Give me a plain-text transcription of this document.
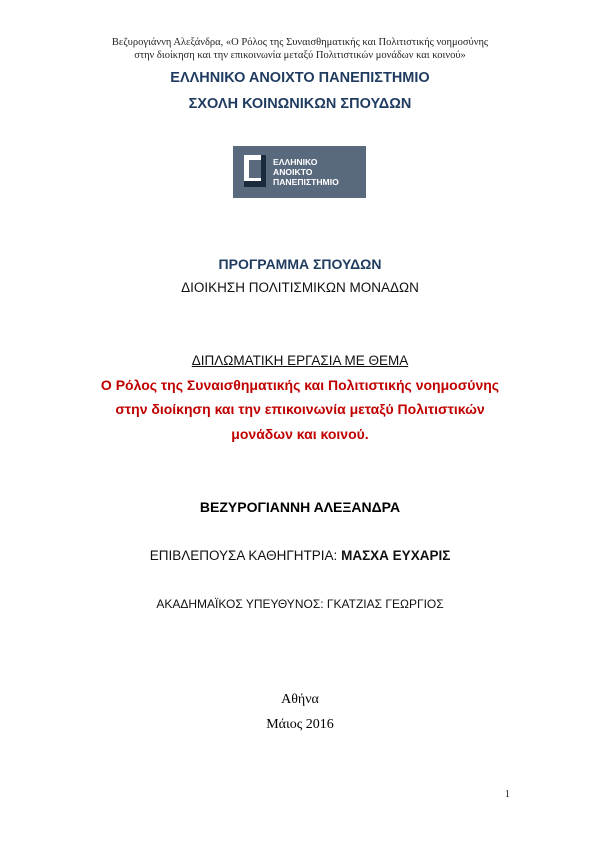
Βεζυρογιάννη Αλεξάνδρα, «Ο Ρόλος της Συναισθηματικής και Πολιτιστικής νοημοσύνης
στην διοίκηση και την επικοινωνία μεταξύ Πολιτιστικών μονάδων και κοινού»
ΕΛΛΗΝΙΚΟ ΑΝΟΙΧΤΟ ΠΑΝΕΠΙΣΤΗΜΙΟ
ΣΧΟΛΗ ΚΟΙΝΩΝΙΚΩΝ ΣΠΟΥΔΩΝ
ΕΛΛΗΝΙΚΟ
ΑΝΟΙΚΤΟ
ΠΑΝΕΠΙΣΤΗΜΙΟ
ΠΡΟΓΡΑΜΜΑ ΣΠΟΥΔΩΝ
ΔΙΟΙΚΗΣΗ ΠΟΛΙΤΙΣΜΙΚΩΝ ΜΟΝΑΔΩΝ
ΔΙΠΛΩΜΑΤΙΚΗ ΕΡΓΑΣΙΑ ΜΕ ΘΕΜΑ
Ο Ρόλος της Συναισθηματικής και Πολιτιστικής νοημοσύνης
στην διοίκηση και την επικοινωνία μεταξύ Πολιτιστικών
μονάδων και κοινού.
ΒΕΖΥΡΟΓΙΑΝΝΗ ΑΛΕΞΑΝΔΡΑ
ΕΠΙΒΛΕΠΟΥΣΑ ΚΑΘΗΓΗΤΡΙΑ: ΜΑΣΧΑ ΕΥΧΑΡΙΣ
ΑΚΑΔΗΜΑΪΚΟΣ ΥΠΕΥΘΥΝΟΣ: ΓΚΑΤΖΙΑΣ ΓΕΩΡΓΙΟΣ
Αθήνα
Μάιος 2016
1
